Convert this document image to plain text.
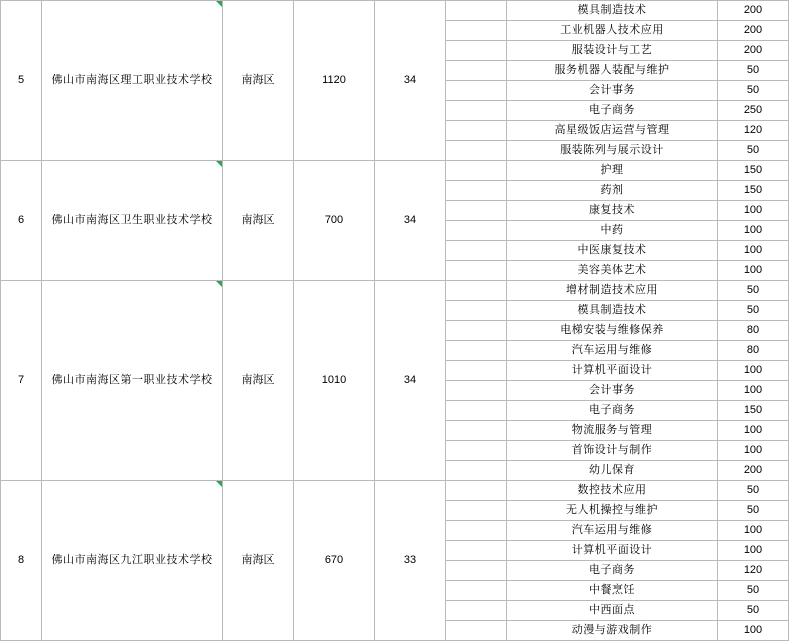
5	佛山市南海区理工职业技术学校	南海区	1120	34		模具制造技术	200
						工业机器人技术应用	200
						服装设计与工艺	200
						服务机器人装配与维护	50
						会计事务	50
						电子商务	250
						高星级饭店运营与管理	120
						服装陈列与展示设计	50
6	佛山市南海区卫生职业技术学校	南海区	700	34		护理	150
						药剂	150
						康复技术	100
						中药	100
						中医康复技术	100
						美容美体艺术	100
7	佛山市南海区第一职业技术学校	南海区	1010	34		增材制造技术应用	50
						模具制造技术	50
						电梯安装与维修保养	80
						汽车运用与维修	80
						计算机平面设计	100
						会计事务	100
						电子商务	150
						物流服务与管理	100
						首饰设计与制作	100
						幼儿保育	200
8	佛山市南海区九江职业技术学校	南海区	670	33		数控技术应用	50
						无人机操控与维护	50
						汽车运用与维修	100
						计算机平面设计	100
						电子商务	120
						中餐烹饪	50
						中西面点	50
						动漫与游戏制作	100
